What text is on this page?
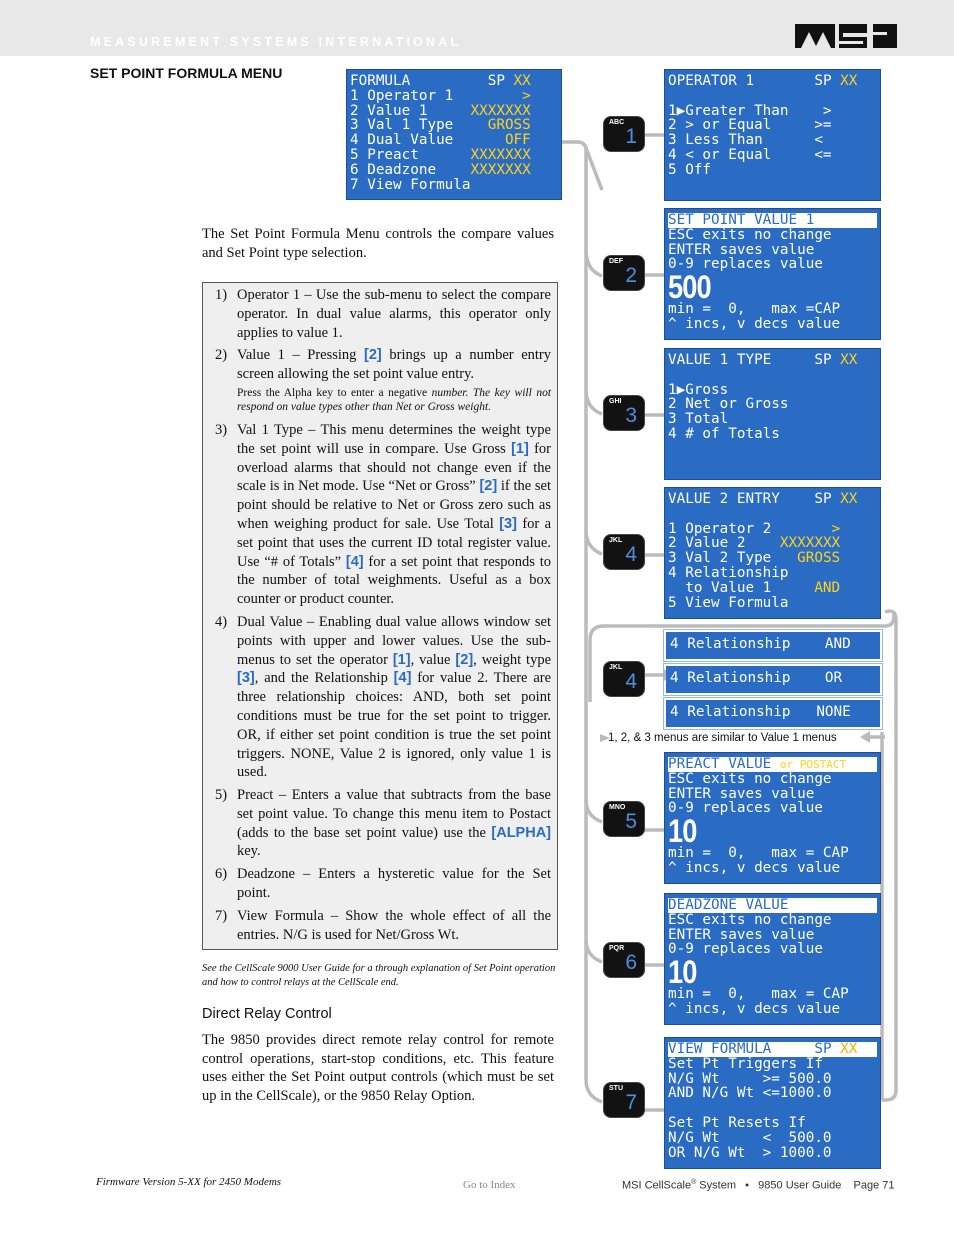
MEASUREMENT SYSTEMS INTERNATIONAL
SET POINT FORMULA MENU	FORMULA         SP XX
1 Operator 1        >
2 Value 1     XXXXXXX
3 Val 1 Type    GROSS
4 Dual Value      OFF
5 Preact      XXXXXXX
6 Deadzone    XXXXXXX
7 View Formula
The Set Point Formula Menu controls the compare values and Set Point type selection.
1) Operator 1 – Use the sub-menu to select the compare operator. In dual value alarms, this operator only applies to value 1.
2) Value 1 – Pressing [2] brings up a number entry screen allowing the set point value entry.
Press the Alpha key to enter a negative number. The key will not respond on value types other than Net or Gross weight.
3) Val 1 Type – This menu determines the weight type the set point will use in compare. Use Gross [1] for overload alarms that should not change even if the scale is in Net mode. Use “Net or Gross” [2] if the set point should be relative to Net or Gross zero such as when weighing product for sale. Use Total [3] for a set point that uses the current ID total register value. Use “# of Totals” [4] for a set point that responds to the number of total weighments. Useful as a box counter or product counter.
4) Dual Value – Enabling dual value allows window set points with upper and lower values. Use the sub-menus to set the operator [1], value [2], weight type [3], and the Relationship [4] for value 2. There are three relationship choices: AND, both set point conditions must be true for the set point to trigger. OR, if either set point condition is true the set point triggers. NONE, Value 2 is ignored, only value 1 is used.
5) Preact – Enters a value that subtracts from the base set point value. To change this menu item to Postact (adds to the base set point value) use the [ALPHA] key.
6) Deadzone – Enters a hysteretic value for the Set point.
7) View Formula – Show the whole effect of all the entries. N/G is used for Net/Gross Wt.
See the CellScale 9000 User Guide for a through explanation of Set Point operation and how to control relays at the CellScale end.
Direct Relay Control
The 9850 provides direct remote relay control for remote control operations, start-stop conditions, etc. This feature uses either the Set Point output controls (which must be set up in the CellScale), or the 9850 Relay Option.
ABC
1
DEF
2
GHI
3
JKL
4
JKL
4
MNO
5
PQR
6
STU
7
OPERATOR 1	SP XX
1▶Greater Than    >
2 > or Equal     >=
3 Less Than      <
4 < or Equal     <=
5 Off
SET POINT VALUE 1
ESC exits no change
ENTER saves value
0-9 replaces value
500
min =  0,   max =CAP
^ incs, v decs value
VALUE 1 TYPE	SP XX
1▶Gross
2 Net or Gross
3 Total
4 # of Totals
VALUE 2 ENTRY SP XX
1 Operator 2       >
2 Value 2    XXXXXXX
3 Val 2 Type   GROSS
4 Relationship
to Value 1     AND
5 View Formula
4 Relationship    AND
4 Relationship    OR
4 Relationship   NONE
1, 2, & 3 menus are similar to Value 1 menus
PREACT VALUE or POSTACT
ESC exits no change
ENTER saves value
0-9 replaces value
10
min =  0,   max = CAP
^ incs, v decs value
DEADZONE VALUE
ESC exits no change
ENTER saves value
0-9 replaces value
10
min =  0,   max = CAP
^ incs, v decs value
VIEW FORMULA	SP XX
Set Pt Triggers If
N/G Wt     >= 500.0
AND N/G Wt <=1000.0
Set Pt Resets If
N/G Wt     <  500.0
OR N/G Wt  > 1000.0
Firmware Version 5-XX for 2450 Modems	Go to Index	MSI CellScale® System   •   9850 User Guide    Page 71
